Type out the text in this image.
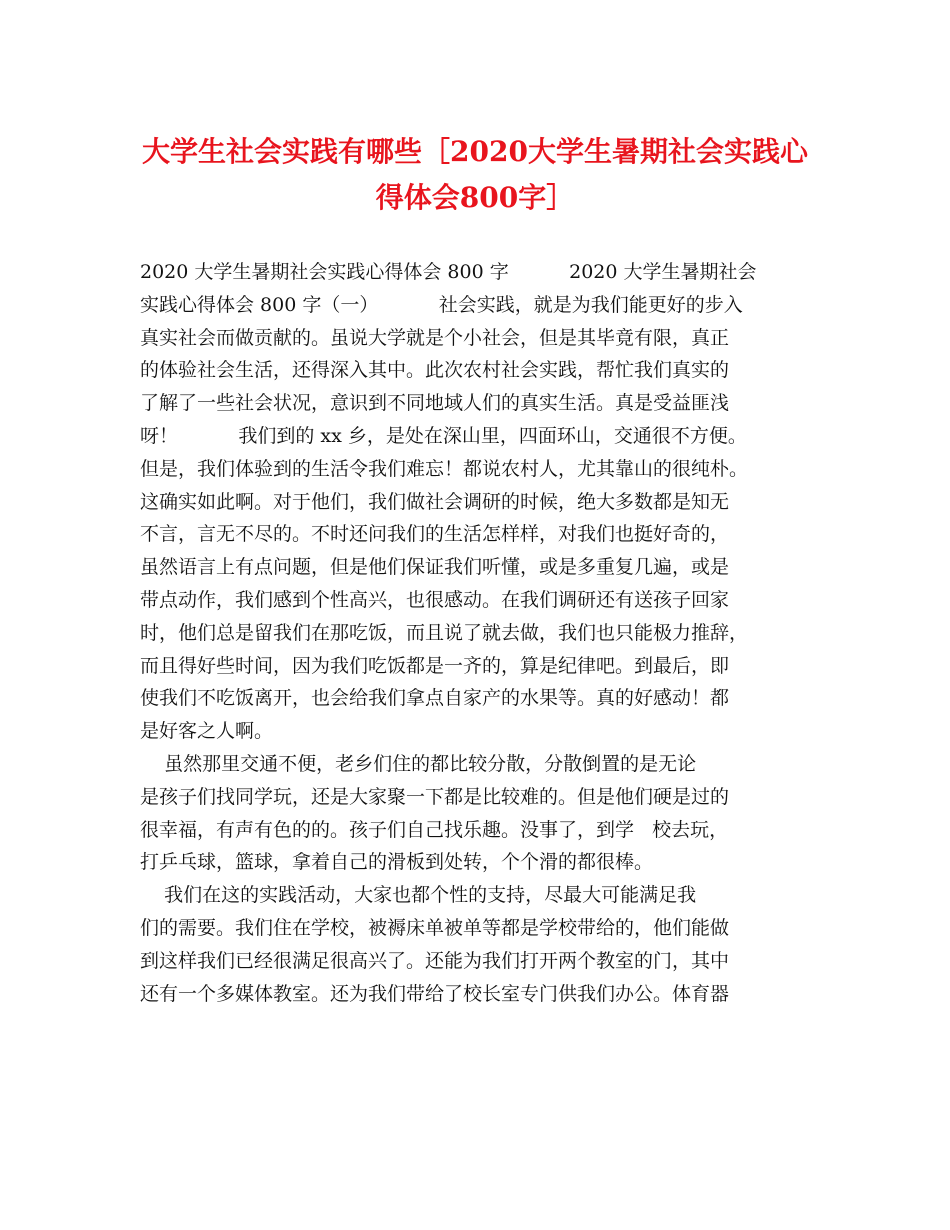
大学生社会实践有哪些［2020大学生暑期社会实践心
得体会800字］
2020 大学生暑期社会实践心得体会 800 字          2020 大学生暑期社会
实践心得体会 800 字（一）          社会实践，就是为我们能更好的步入
真实社会而做贡献的。虽说大学就是个小社会，但是其毕竟有限，真正
的体验社会生活，还得深入其中。此次农村社会实践，帮忙我们真实的
了解了一些社会状况，意识到不同地域人们的真实生活。真是受益匪浅
呀！          我们到的 xx 乡，是处在深山里，四面环山，交通很不方便。
但是，我们体验到的生活令我们难忘！都说农村人，尤其靠山的很纯朴。
这确实如此啊。对于他们，我们做社会调研的时候，绝大多数都是知无
不言，言无不尽的。不时还问我们的生活怎样样，对我们也挺好奇的，
虽然语言上有点问题，但是他们保证我们听懂，或是多重复几遍，或是
带点动作，我们感到个性高兴，也很感动。在我们调研还有送孩子回家
时，他们总是留我们在那吃饭，而且说了就去做，我们也只能极力推辞，
而且得好些时间，因为我们吃饭都是一齐的，算是纪律吧。到最后，即
使我们不吃饭离开，也会给我们拿点自家产的水果等。真的好感动！都
是好客之人啊。
虽然那里交通不便，老乡们住的都比较分散，分散倒置的是无论
是孩子们找同学玩，还是大家聚一下都是比较难的。但是他们硬是过的
很幸福，有声有色的的。孩子们自己找乐趣。没事了，到学   校去玩，
打乒乓球，篮球，拿着自己的滑板到处转，个个滑的都很棒。
我们在这的实践活动，大家也都个性的支持，尽最大可能满足我
们的需要。我们住在学校，被褥床单被单等都是学校带给的，他们能做
到这样我们已经很满足很高兴了。还能为我们打开两个教室的门，其中
还有一个多媒体教室。还为我们带给了校长室专门供我们办公。体育器
